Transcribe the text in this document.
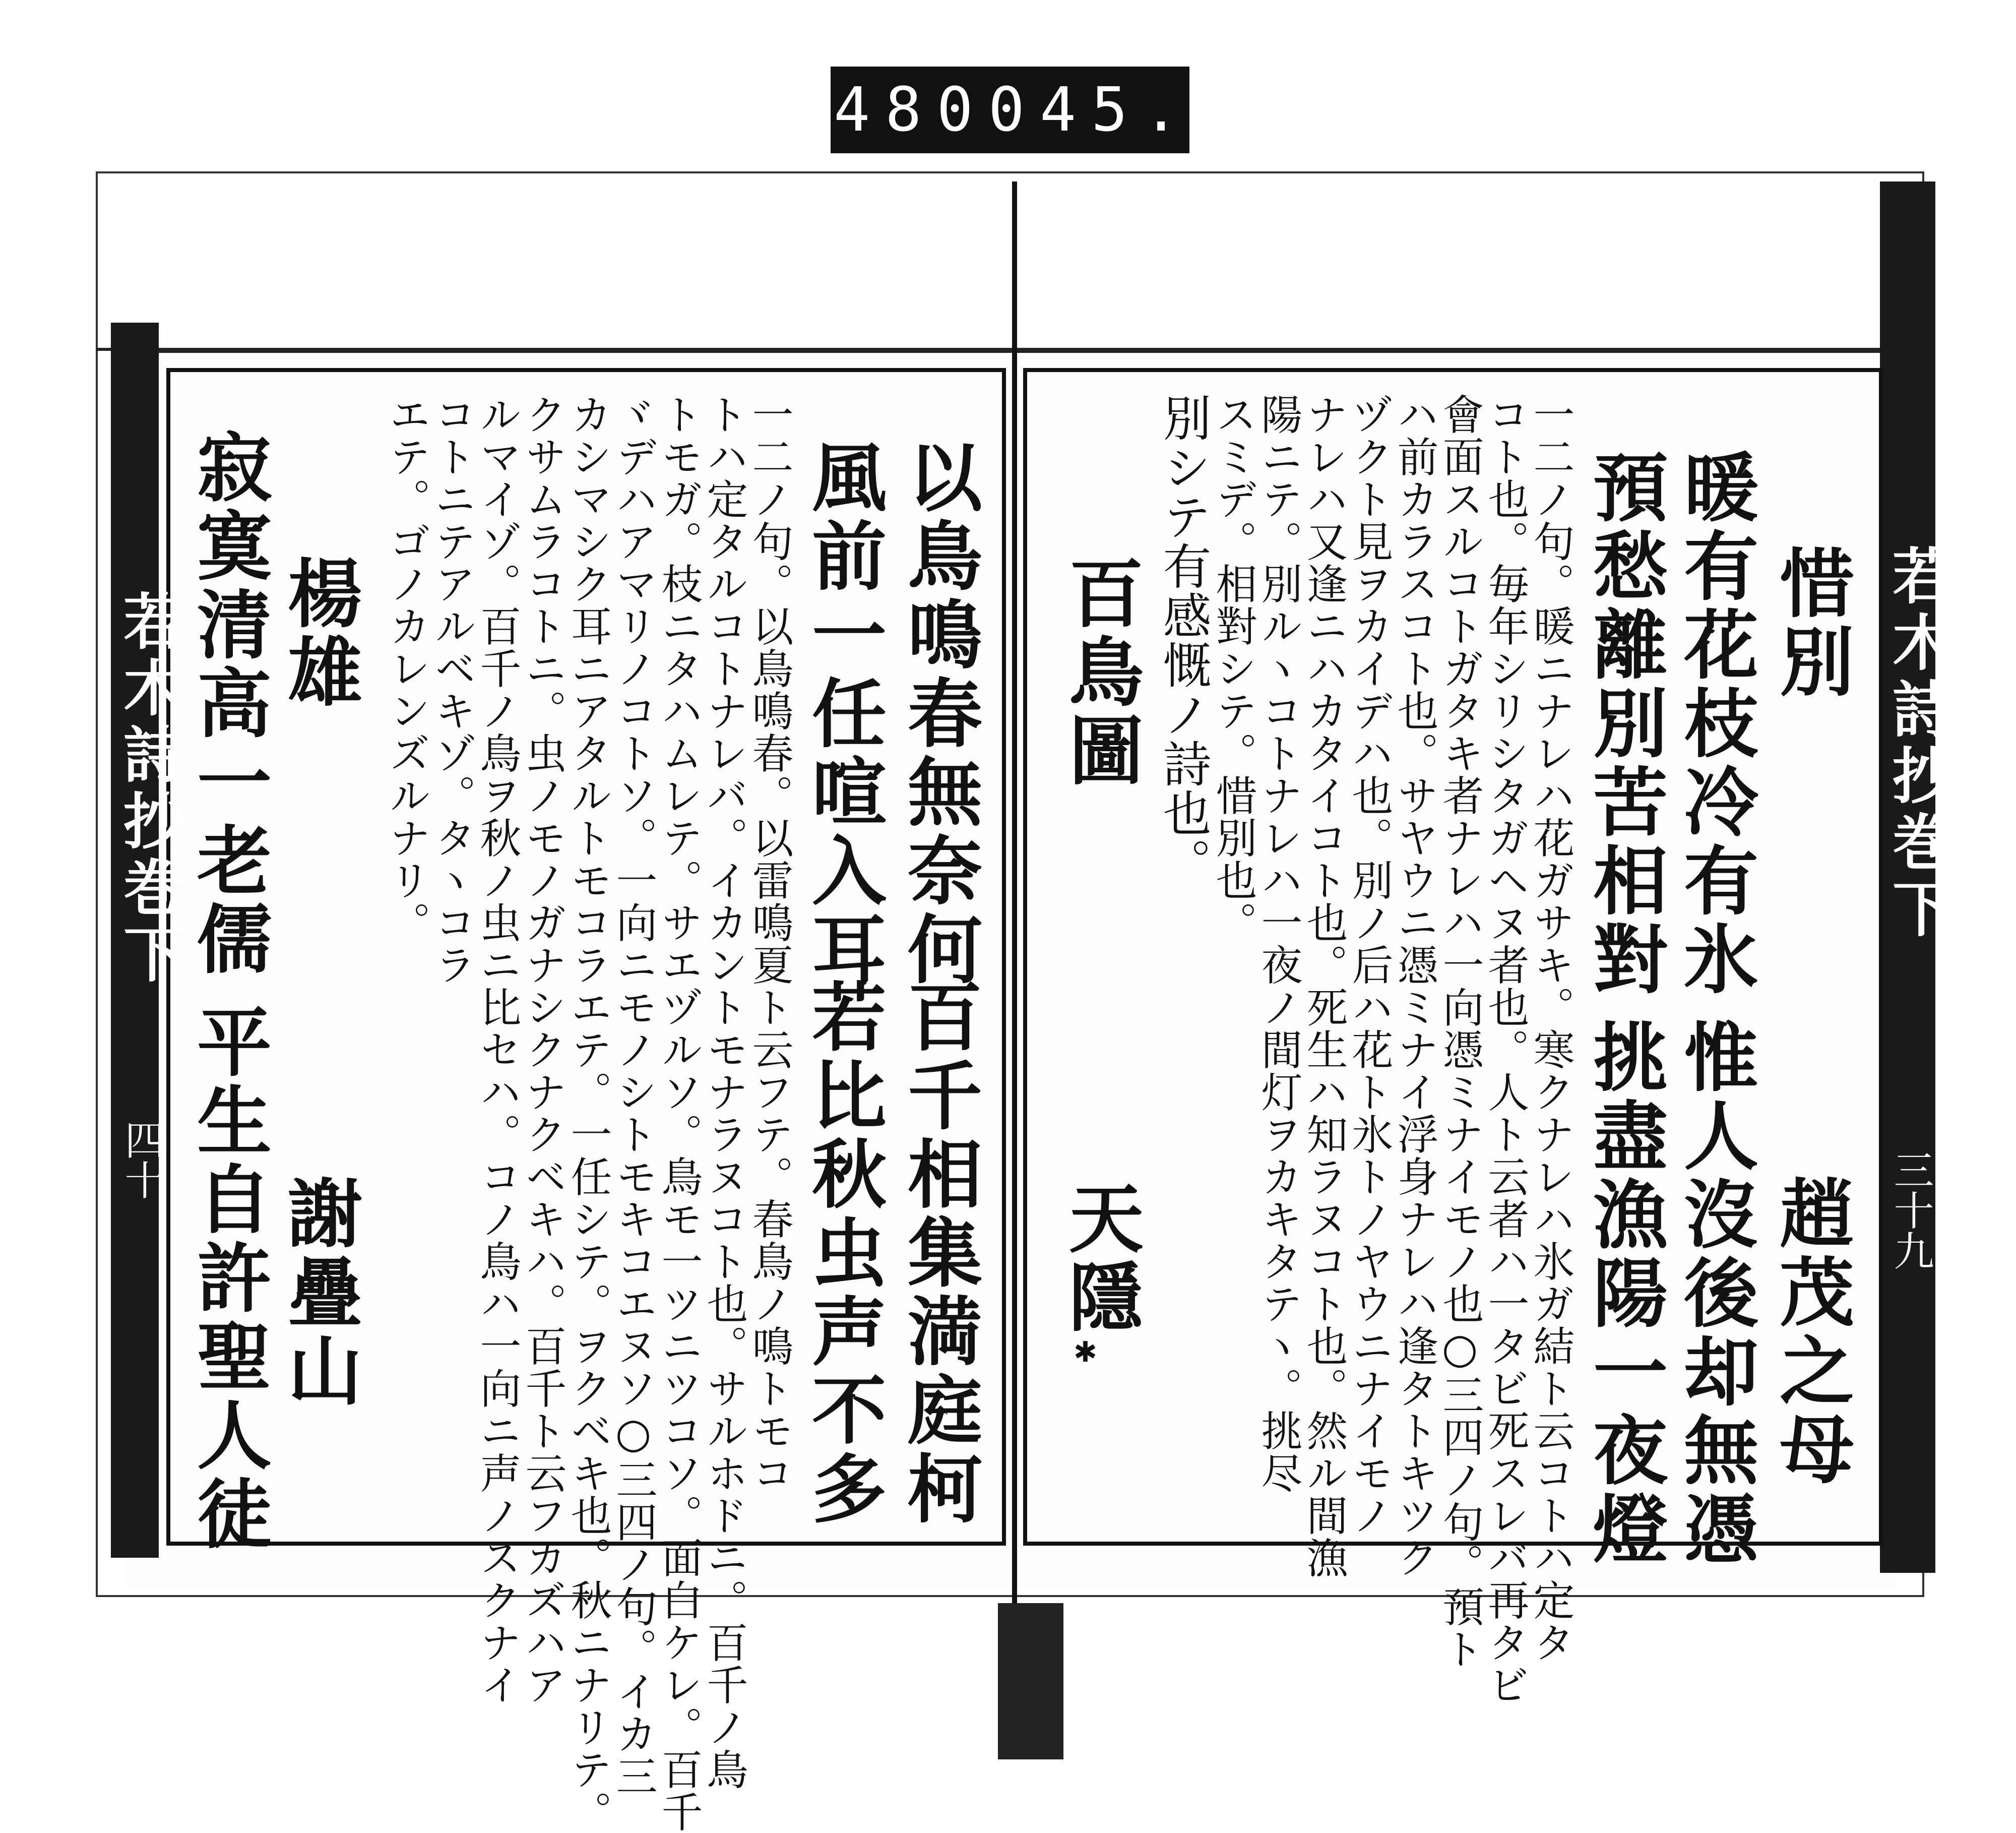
480 045.
若木詩抄巻下
三十九
若木詩抄巻下
四十
惜別
趙茂之母
暖有花枝冷有氷
惟人沒後却無憑
預愁離別苦相對
挑盡漁陽一夜燈
一二ノ句。暖ニナレハ花ガサキ。寒クナレハ氷ガ結ト云コトハ定タ
コト也。毎年シリシタガヘヌ者也。人ト云者ハ一タビ死スレバ再タビ
會面スルコトガタキ者ナレハ一向憑ミナイモノ也○三四ノ句。預ト
ハ前カラスコト也。サヤウニ憑ミナイ浮身ナレハ逢タトキツク
ヅクト見ヲカイデハ也。別ノ后ハ花ト氷トノヤウニナイモノ
ナレハ又逢ニハカタイコト也。死生ハ知ラヌコト也。然ル間漁
陽ニテ。別ルヽコトナレハ一夜ノ間灯ヲカキタテヽ。挑尽
スミデ。相對シテ。惜別也。
別シテ有感慨ノ詩也。
百鳥圖
天隱
✱
百千相集満庭柯
以鳥鳴春無奈何
風前一任喧入耳
若比秋虫声不多
一二ノ句。以鳥鳴春。以雷鳴夏ト云フテ。春鳥ノ鳴トモコ
トハ定タルコトナレバ。イカントモナラヌコト也。サルホドニ。百千ノ鳥
トモガ。枝ニタハムレテ。サエヅルソ。鳥モ一ツニツコソ。面白ケレ。百千
ヾデハアマリノコトソ。一向ニモノシトモキコエヌソ○三四ノ句。イカ三
カシマシク耳ニアタルトモコラエテ。一任シテ。ヲクベキ也。秋ニナリテ。
クサムラコトニ。虫ノモノガナシクナクベキハ。百千ト云フカズハア
ルマイゾ。百千ノ鳥ヲ秋ノ虫ニ比セハ。コノ鳥ハ一向ニ声ノスクナイ
コトニテアルベキゾ。タヽコラ
エテ。ゴノカレンズルナリ。
楊雄
寂寞清高一老儒
謝疊山
平生自許聖人徒
